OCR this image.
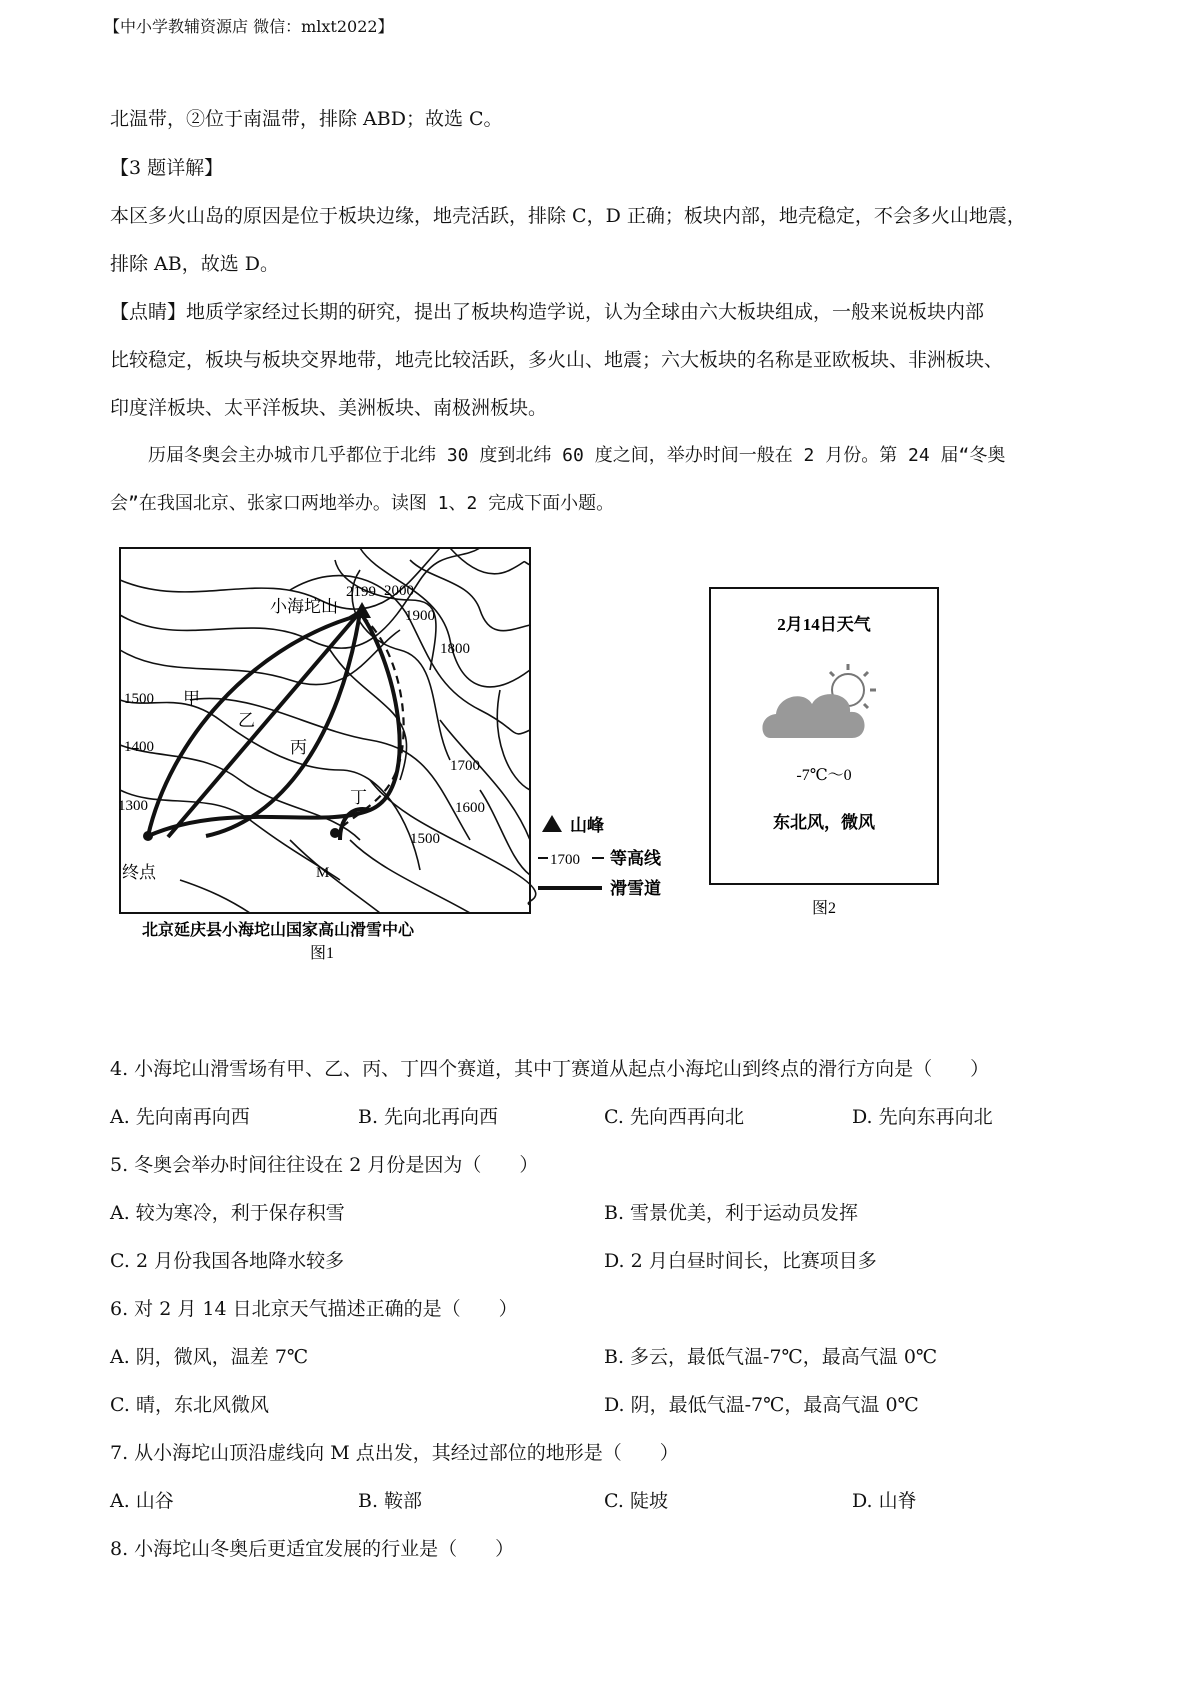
【中小学教辅资源店 微信：mlxt2022】
北温带，②位于南温带，排除 ABD；故选 C。
【3 题详解】
本区多火山岛的原因是位于板块边缘，地壳活跃，排除 C，D 正确；板块内部，地壳稳定，不会多火山地震，
排除 AB，故选 D。
【点睛】地质学家经过长期的研究，提出了板块构造学说，认为全球由六大板块组成，一般来说板块内部
比较稳定，板块与板块交界地带，地壳比较活跃，多火山、地震；六大板块的名称是亚欧板块、非洲板块、
印度洋板块、太平洋板块、美洲板块、南极洲板块。
历届冬奥会主办城市几乎都位于北纬 30 度到北纬 60 度之间，举办时间一般在 2 月份。第 24 届“冬奥
会”在我国北京、张家口两地举办。读图 1、2 完成下面小题。
小海坨山
2199 2000
1900
1800
1700
1600
1500
1500
1400
1300
甲
乙
丙
丁
终点	M
北京延庆县小海坨山国家高山滑雪中心
图1
山峰
1700 等高线
滑雪道
2月14日天气
-7℃～0
东北风，微风
图2
4. 小海坨山滑雪场有甲、乙、丙、丁四个赛道，其中丁赛道从起点小海坨山到终点的滑行方向是（　　）
A. 先向南再向西	B. 先向北再向西	C. 先向西再向北	D. 先向东再向北
5. 冬奥会举办时间往往设在 2 月份是因为（　　）
A. 较为寒冷，利于保存积雪	B. 雪景优美，利于运动员发挥
C. 2 月份我国各地降水较多	D. 2 月白昼时间长，比赛项目多
6. 对 2 月 14 日北京天气描述正确的是（　　）
A. 阴，微风，温差 7℃	B. 多云，最低气温-7℃，最高气温 0℃
C. 晴，东北风微风	D. 阴，最低气温-7℃，最高气温 0℃
7. 从小海坨山顶沿虚线向 M 点出发，其经过部位的地形是（　　）
A. 山谷	B. 鞍部	C. 陡坡	D. 山脊
8. 小海坨山冬奥后更适宜发展的行业是（　　）
